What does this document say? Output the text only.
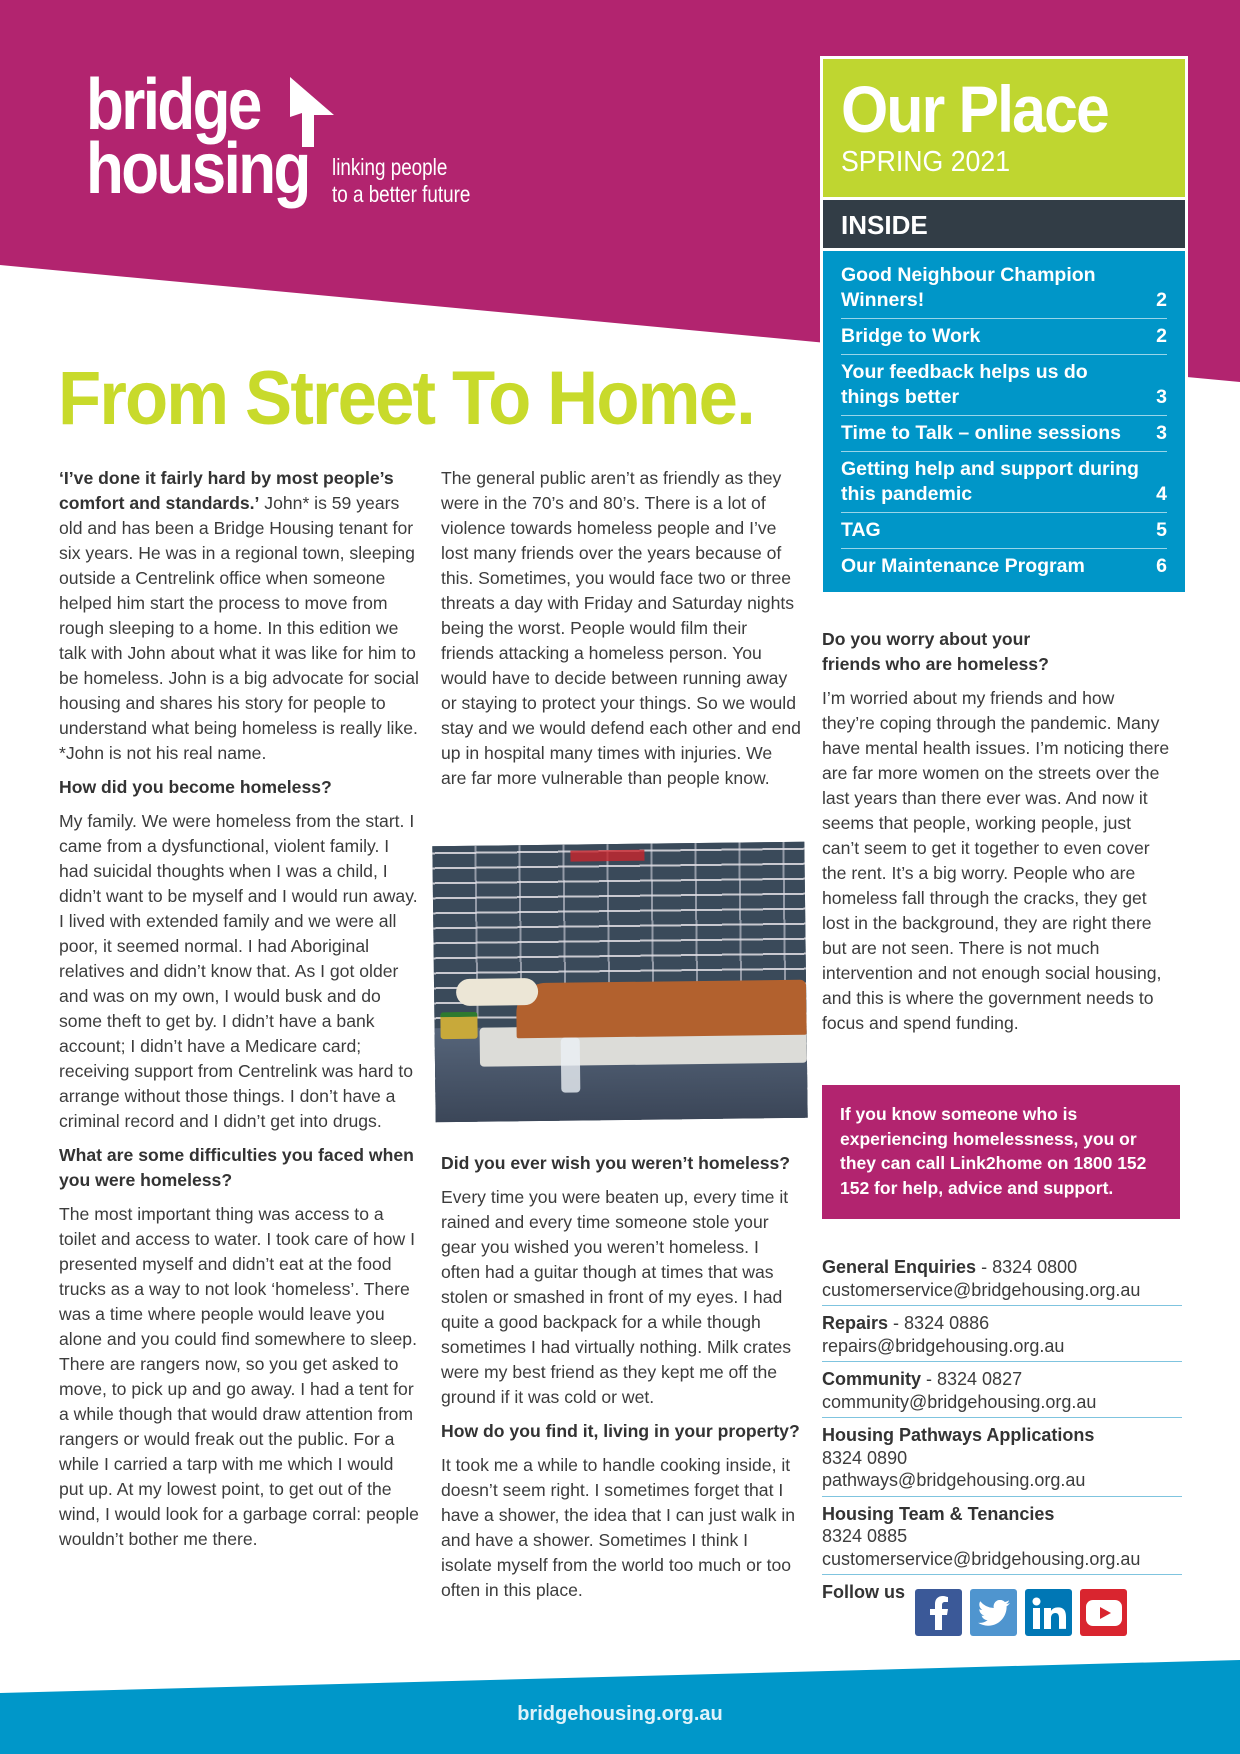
bridge
housing linking people
to a better future
From Street To Home.

‘I’ve done it fairly hard by most people’s comfort and standards.’ John* is 59 years old and has been a Bridge Housing tenant for six years. He was in a regional town, sleeping outside a Centrelink office when someone helped him start the process to move from rough sleeping to a home. In this edition we talk with John about what it was like for him to be homeless. John is a big advocate for social housing and shares his story for people to understand what being homeless is really like. *John is not his real name.

How did you become homeless?

My family. We were homeless from the start. I came from a dysfunctional, violent family. I had suicidal thoughts when I was a child, I didn’t want to be myself and I would run away. I lived with extended family and we were all poor, it seemed normal. I had Aboriginal relatives and didn’t know that. As I got older and was on my own, I would busk and do some theft to get by. I didn’t have a bank account; I didn’t have a Medicare card; receiving support from Centrelink was hard to arrange without those things. I don’t have a criminal record and I didn’t get into drugs.

What are some difficulties you faced when you were homeless?

The most important thing was access to a toilet and access to water. I took care of how I presented myself and didn’t eat at the food trucks as a way to not look ‘homeless’. There was a time where people would leave you alone and you could find somewhere to sleep. There are rangers now, so you get asked to move, to pick up and go away. I had a tent for a while though that would draw attention from rangers or would freak out the public. For a while I carried a tarp with me which I would put up. At my lowest point, to get out of the wind, I would look for a garbage corral: people wouldn’t bother me there.

The general public aren’t as friendly as they were in the 70’s and 80’s. There is a lot of violence towards homeless people and I’ve lost many friends over the years because of this. Sometimes, you would face two or three threats a day with Friday and Saturday nights being the worst. People would film their friends attacking a homeless person. You would have to decide between running away or staying to protect your things. So we would stay and we would defend each other and end up in hospital many times with injuries. We are far more vulnerable than people know.

Did you ever wish you weren’t homeless?

Every time you were beaten up, every time it rained and every time someone stole your gear you wished you weren’t homeless. I often had a guitar though at times that was stolen or smashed in front of my eyes. I had quite a good backpack for a while though sometimes I had virtually nothing. Milk crates were my best friend as they kept me off the ground if it was cold or wet.

How do you find it, living in your property?

It took me a while to handle cooking inside, it doesn’t seem right. I sometimes forget that I have a shower, the idea that I can just walk in and have a shower. Sometimes I think I isolate myself from the world too much or too often in this place.

Our Place
SPRING 2021
INSIDE
Good Neighbour Champion Winners!	2
Bridge to Work	2
Your feedback helps us do things better	3
Time to Talk – online sessions 3
Getting help and support during this pandemic	4
TAG	5
Our Maintenance Program	6
Do you worry about your friends who are homeless?

I’m worried about my friends and how they’re coping through the pandemic. Many have mental health issues. I’m noticing there are far more women on the streets over the last years than there ever was. And now it seems that people, working people, just can’t seem to get it together to even cover the rent. It’s a big worry. People who are homeless fall through the cracks, they get lost in the background, they are right there but are not seen. There is not much intervention and not enough social housing, and this is where the government needs to focus and spend funding.

If you know someone who is experiencing homelessness, you or they can call Link2home on 1800 152 152 for help, advice and support.
General Enquiries - 8324 0800
customerservice@bridgehousing.org.au
Repairs - 8324 0886
repairs@bridgehousing.org.au
Community - 8324 0827
community@bridgehousing.org.au
Housing Pathways Applications
8324 0890
pathways@bridgehousing.org.au
Housing Team & Tenancies
8324 0885
customerservice@bridgehousing.org.au
Follow us
bridgehousing.org.au
